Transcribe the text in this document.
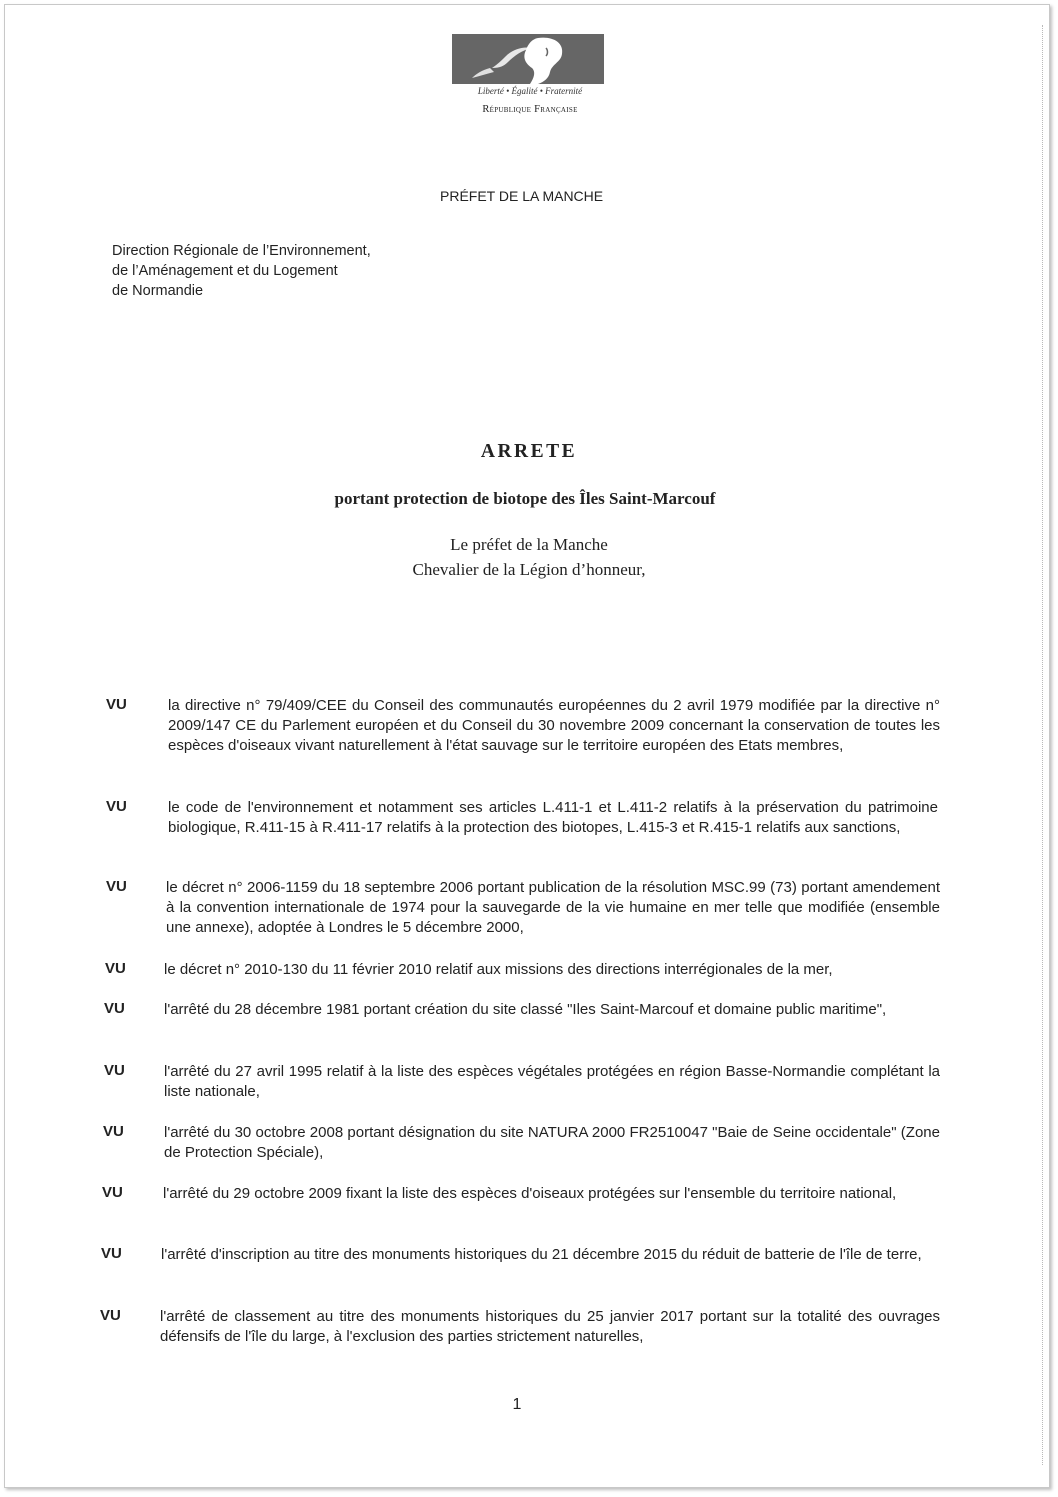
Liberté • Égalité • Fraternité
République Française
PRÉFET DE LA MANCHE
Direction Régionale de l’Environnement,
de l’Aménagement et du Logement
de Normandie
ARRETE
portant protection de biotope des Îles Saint-Marcouf
Le préfet de la Manche
Chevalier de la Légion d’honneur,
VU	la directive n° 79/409/CEE du Conseil des communautés européennes du 2 avril 1979 modifiée par la directive n° 2009/147 CE du Parlement européen et du Conseil du 30 novembre 2009 concernant la conservation de toutes les espèces d'oiseaux vivant naturellement à l'état sauvage sur le territoire européen des Etats membres,
VU	le code de l'environnement et notamment ses articles L.411-1 et L.411-2 relatifs à la préservation du patrimoine biologique, R.411-15 à R.411-17 relatifs à la protection des biotopes, L.415-3 et R.415-1 relatifs aux sanctions,
VU	le décret n° 2006-1159 du 18 septembre 2006 portant publication de la résolution MSC.99 (73) portant amendement à la convention internationale de 1974 pour la sauvegarde de la vie humaine en mer telle que modifiée (ensemble une annexe), adoptée à Londres le 5 décembre 2000,
VU	le décret n° 2010-130 du 11 février 2010 relatif aux missions des directions interrégionales de la mer,
VU	l'arrêté du 28 décembre 1981 portant création du site classé "Iles Saint-Marcouf et domaine public maritime",
VU	l'arrêté du 27 avril 1995 relatif à la liste des espèces végétales protégées en région Basse-Normandie complétant la liste nationale,
VU	l'arrêté du 30 octobre 2008 portant désignation du site NATURA 2000 FR2510047 "Baie de Seine occidentale" (Zone de Protection Spéciale),
VU	l'arrêté du 29 octobre 2009 fixant la liste des espèces d'oiseaux protégées sur l'ensemble du territoire national,
VU	l'arrêté d'inscription au titre des monuments historiques du 21 décembre 2015 du réduit de batterie de l'île de terre,
VU	l'arrêté de classement au titre des monuments historiques du 25 janvier 2017 portant sur la totalité des ouvrages défensifs de l'île du large, à l'exclusion des parties strictement naturelles,
1
